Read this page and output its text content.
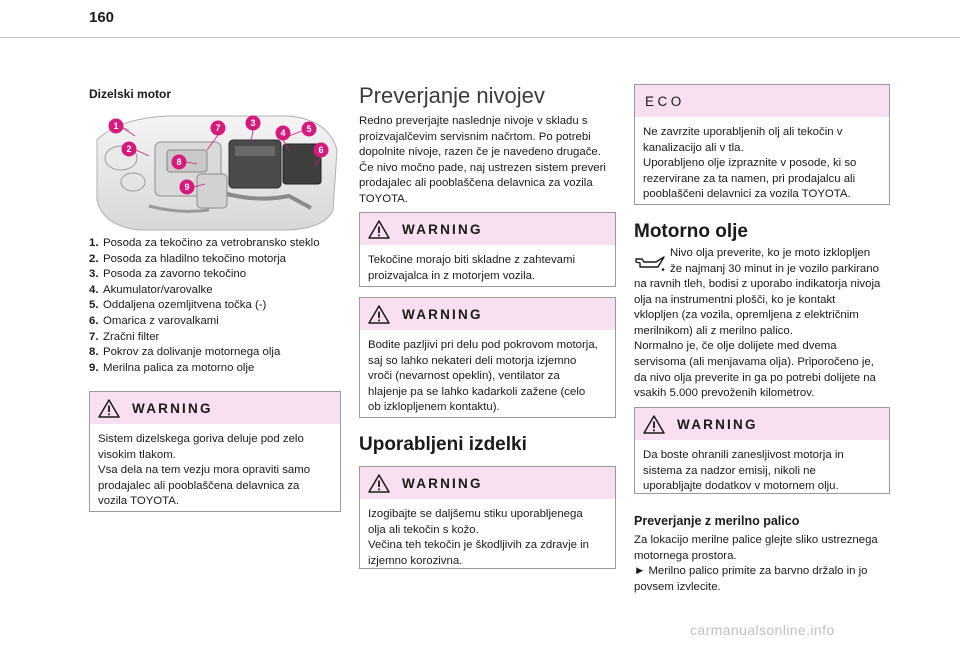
160
Dizelski motor
1
2
3
4 5
6
7
8
9
1. Posoda za tekočino za vetrobransko steklo
2. Posoda za hladilno tekočino motorja
3. Posoda za zavorno tekočino
4. Akumulator/varovalke
5. Oddaljena ozemljitvena točka (-)
6. Omarica z varovalkami
7. Zračni filter
8. Pokrov za dolivanje motornega olja
9. Merilna palica za motorno olje
WARNING
Sistem dizelskega goriva deluje pod zelo
visokim tlakom.
Vsa dela na tem vezju mora opraviti samo
prodajalec ali pooblaščena delavnica za
vozila TOYOTA.
Preverjanje nivojev
Redno preverjajte naslednje nivoje v skladu s
proizvajalčevim servisnim načrtom. Po potrebi
dopolnite nivoje, razen če je navedeno drugače.
Če nivo močno pade, naj ustrezen sistem preveri
prodajalec ali pooblaščena delavnica za vozila
TOYOTA.
WARNING
Tekočine morajo biti skladne z zahtevami
proizvajalca in z motorjem vozila.
WARNING
Bodite pazljivi pri delu pod pokrovom motorja,
saj so lahko nekateri deli motorja izjemno
vroči (nevarnost opeklin), ventilator za
hlajenje pa se lahko kadarkoli zažene (celo
ob izklopljenem kontaktu).
Uporabljeni izdelki
WARNING
Izogibajte se daljšemu stiku uporabljenega
olja ali tekočin s kožo.
Večina teh tekočin je škodljivih za zdravje in
izjemno korozivna.
ECO
Ne zavrzite uporabljenih olj ali tekočin v
kanalizacijo ali v tla.
Uporabljeno olje izpraznite v posode, ki so
rezervirane za ta namen, pri prodajalcu ali
pooblaščeni delavnici za vozila TOYOTA.
Motorno olje
Nivo olja preverite, ko je moto izklopljen
že najmanj 30 minut in je vozilo parkirano
na ravnih tleh, bodisi z uporabo indikatorja nivoja
olja na instrumentni plošči, ko je kontakt
vklopljen (za vozila, opremljena z električnim
merilnikom) ali z merilno palico.
Normalno je, če olje dolijete med dvema
servisoma (ali menjavama olja). Priporočeno je,
da nivo olja preverite in ga po potrebi dolijete na
vsakih 5.000 prevoženih kilometrov.
WARNING
Da boste ohranili zanesljivost motorja in
sistema za nadzor emisij, nikoli ne
uporabljajte dodatkov v motornem olju.
Preverjanje z merilno palico
Za lokacijo merilne palice glejte sliko ustreznega
motornega prostora.
► Merilno palico primite za barvno držalo in jo
povsem izvlecite.
carmanualsonline.info
